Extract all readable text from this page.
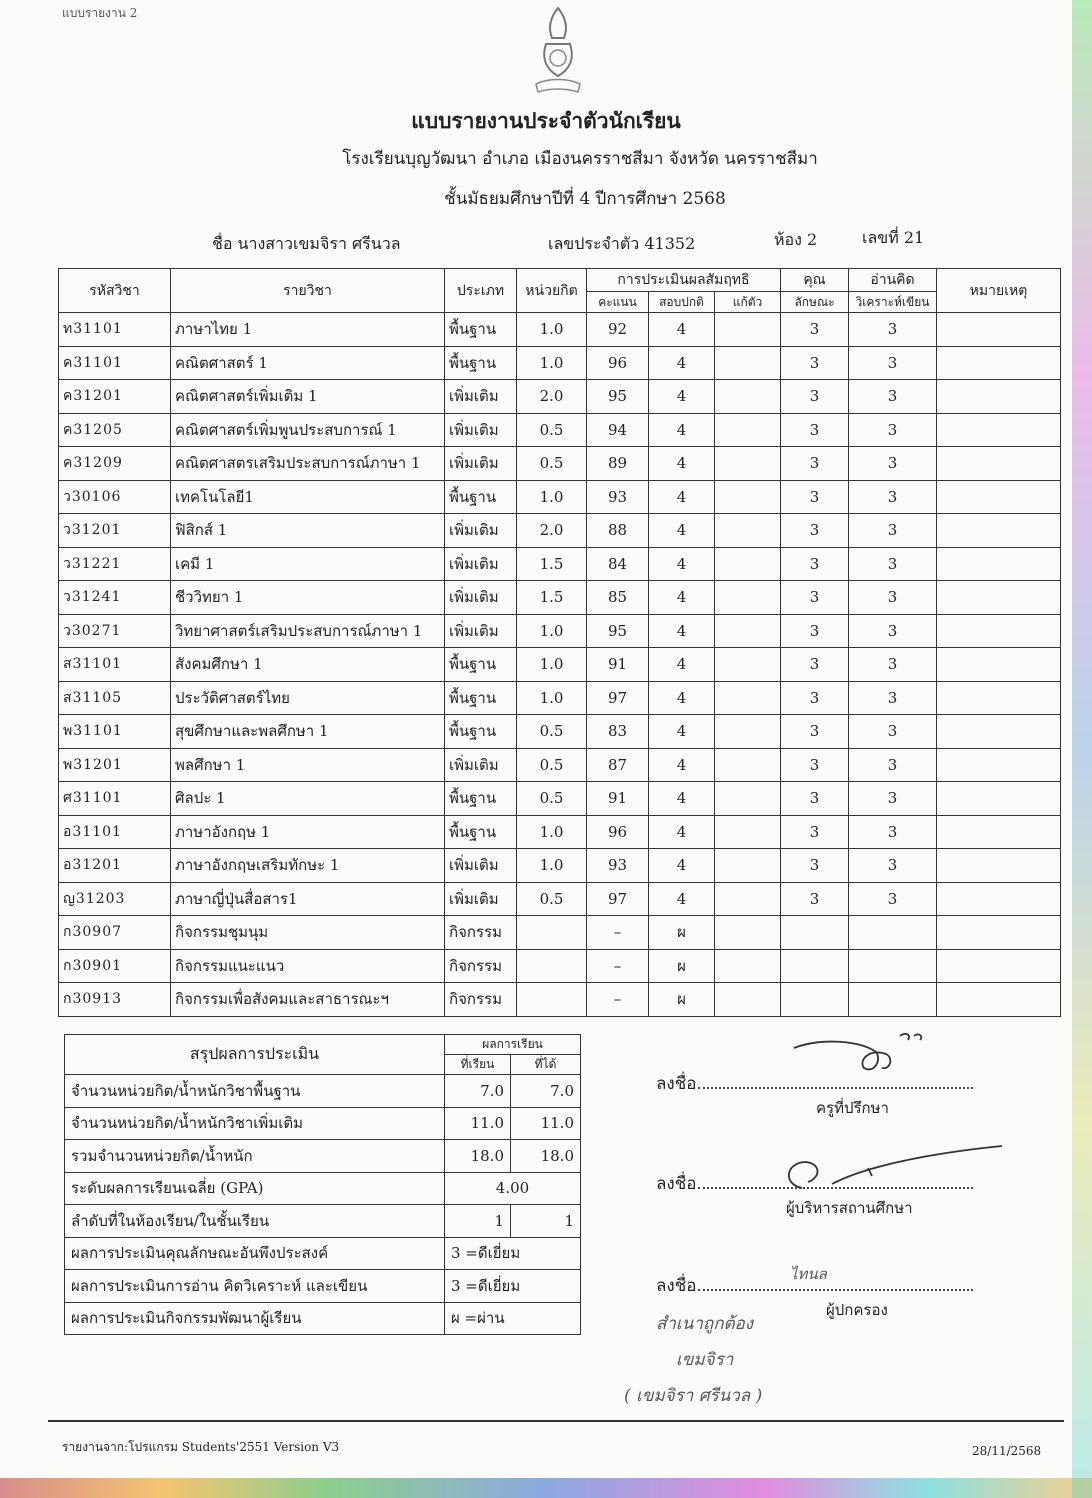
แบบรายงาน 2
แบบรายงานประจำตัวนักเรียน
โรงเรียนบุญวัฒนา อำเภอ เมืองนครราชสีมา จังหวัด นครราชสีมา
ชั้นมัธยมศึกษาปีที่ 4 ปีการศึกษา 2568
ชื่อ นางสาวเขมจิรา ศรีนวล	เลขประจำตัว 41352	ห้อง 2	เลขที่ 21
รหัสวิชา	รายวิชา	ประเภท	หน่วยกิต	การประเมินผลสัมฤทธิ			คุณ	อ่านคิด	หมายเหตุ
				คะแนน	สอบปกติ	แก้ตัว	ลักษณะ	วิเคราะห์เขียน	
ท31101	ภาษาไทย 1	พื้นฐาน	1.0	92	4		3	3	
ค31101	คณิตศาสตร์ 1	พื้นฐาน	1.0	96	4		3	3	
ค31201	คณิตศาสตร์เพิ่มเติม 1	เพิ่มเติม	2.0	95	4		3	3	
ค31205	คณิตศาสตร์เพิ่มพูนประสบการณ์ 1	เพิ่มเติม	0.5	94	4		3	3	
ค31209	คณิตศาสตรเสริมประสบการณ์ภาษา 1	เพิ่มเติม	0.5	89	4		3	3	
ว30106	เทคโนโลยี1	พื้นฐาน	1.0	93	4		3	3	
ว31201	ฟิสิกส์ 1	เพิ่มเติม	2.0	88	4		3	3	
ว31221	เคมี 1	เพิ่มเติม	1.5	84	4		3	3	
ว31241	ชีววิทยา 1	เพิ่มเติม	1.5	85	4		3	3	
ว30271	วิทยาศาสตร์เสริมประสบการณ์ภาษา 1	เพิ่มเติม	1.0	95	4		3	3	
ส31101	สังคมศึกษา 1	พื้นฐาน	1.0	91	4		3	3	
ส31105	ประวัติศาสตร์ไทย	พื้นฐาน	1.0	97	4		3	3	
พ31101	สุขศึกษาและพลศึกษา 1	พื้นฐาน	0.5	83	4		3	3	
พ31201	พลศึกษา 1	เพิ่มเติม	0.5	87	4		3	3	
ศ31101	ศิลปะ 1	พื้นฐาน	0.5	91	4		3	3	
อ31101	ภาษาอังกฤษ 1	พื้นฐาน	1.0	96	4		3	3	
อ31201	ภาษาอังกฤษเสริมทักษะ 1	เพิ่มเติม	1.0	93	4		3	3	
ญ31203	ภาษาญี่ปุ่นสื่อสาร1	เพิ่มเติม	0.5	97	4		3	3	
ก30907	กิจกรรมชุมนุม	กิจกรรม		–	ผ				
ก30901	กิจกรรมแนะแนว	กิจกรรม		–	ผ				
ก30913	กิจกรรมเพื่อสังคมและสาธารณะฯ	กิจกรรม		–	ผ				
สรุปผลการประเมิน	ผลการเรียน	
	ที่เรียน	ที่ได้
จำนวนหน่วยกิต/น้ำหนักวิชาพื้นฐาน	7.0	7.0
จำนวนหน่วยกิต/น้ำหนักวิชาเพิ่มเติม	11.0	11.0
รวมจำนวนหน่วยกิต/น้ำหนัก	18.0	18.0
ระดับผลการเรียนเฉลี่ย (GPA)	4.00	
ลำดับที่ในห้องเรียน/ในชั้นเรียน	1	1
ผลการประเมินคุณลักษณะอันพึงประสงค์	3 =ดีเยี่ยม	
ผลการประเมินการอ่าน คิดวิเคราะห์ และเขียน	3 =ดีเยี่ยม	
ผลการประเมินกิจกรรมพัฒนาผู้เรียน	ผ =ผ่าน	
ลงชื่อ
ครูที่ปรึกษา
ลงชื่อ
ผู้บริหารสถานศึกษา
ลงชื่อ
ไทนล
ผู้ปกครอง
สำเนาถูกต้อง
เขมจิรา
( เขมจิรา ศรีนวล )
รายงานจาก:โปรแกรม Students'2551 Version V3	28/11/2568
